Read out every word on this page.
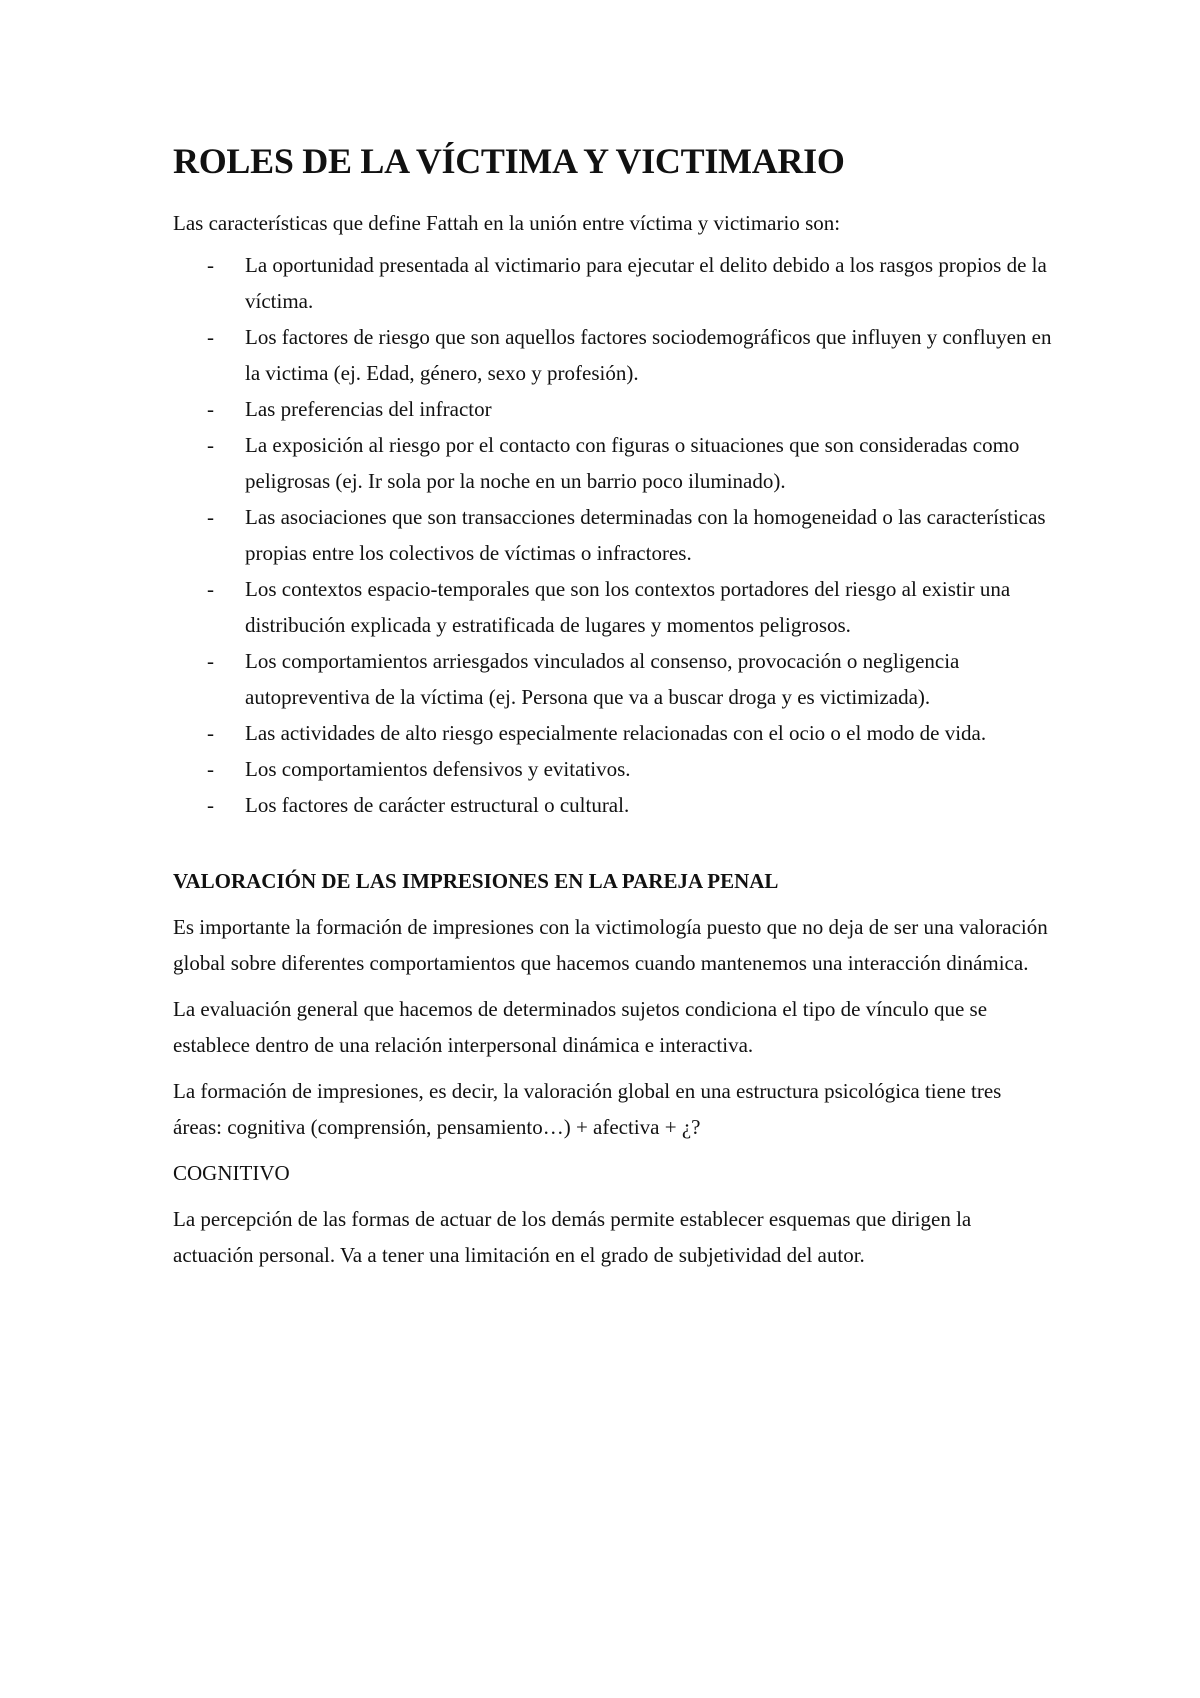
ROLES DE LA VÍCTIMA Y VICTIMARIO

Las características que define Fattah en la unión entre víctima y victimario son:

- La oportunidad presentada al victimario para ejecutar el delito debido a los rasgos propios de la víctima.
- Los factores de riesgo que son aquellos factores sociodemográficos que influyen y confluyen en la victima (ej. Edad, género, sexo y profesión).
- Las preferencias del infractor
- La exposición al riesgo por el contacto con figuras o situaciones que son consideradas como peligrosas (ej. Ir sola por la noche en un barrio poco iluminado).
- Las asociaciones que son transacciones determinadas con la homogeneidad o las características propias entre los colectivos de víctimas o infractores.
- Los contextos espacio-temporales que son los contextos portadores del riesgo al existir una distribución explicada y estratificada de lugares y momentos peligrosos.
- Los comportamientos arriesgados vinculados al consenso, provocación o negligencia autopreventiva de la víctima (ej. Persona que va a buscar droga y es victimizada).
- Las actividades de alto riesgo especialmente relacionadas con el ocio o el modo de vida.
- Los comportamientos defensivos y evitativos.
- Los factores de carácter estructural o cultural.
VALORACIÓN DE LAS IMPRESIONES EN LA PAREJA PENAL

Es importante la formación de impresiones con la victimología puesto que no deja de ser una valoración global sobre diferentes comportamientos que hacemos cuando mantenemos una interacción dinámica.

La evaluación general que hacemos de determinados sujetos condiciona el tipo de vínculo que se establece dentro de una relación interpersonal dinámica e interactiva.

La formación de impresiones, es decir, la valoración global en una estructura psicológica tiene tres áreas: cognitiva (comprensión, pensamiento…) + afectiva + ¿?

COGNITIVO

La percepción de las formas de actuar de los demás permite establecer esquemas que dirigen la actuación personal. Va a tener una limitación en el grado de subjetividad del autor.
